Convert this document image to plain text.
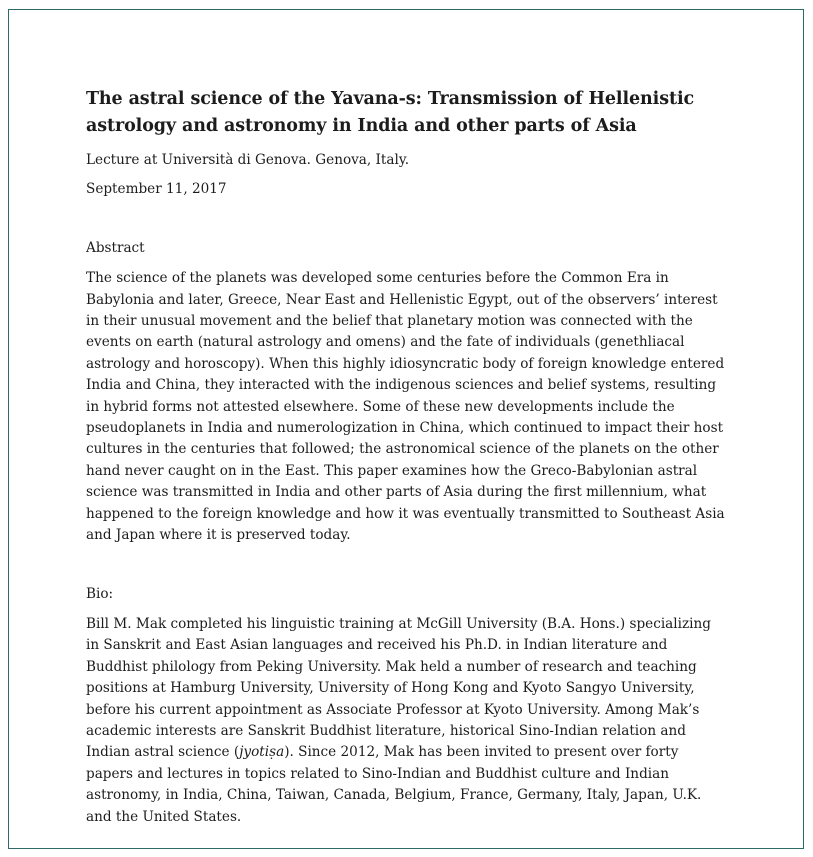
The astral science of the Yavana-s: Transmission of Hellenistic astrology and astronomy in India and other parts of Asia

Lecture at Università di Genova. Genova, Italy.

September 11, 2017

Abstract

The science of the planets was developed some centuries before the Common Era in Babylonia and later, Greece, Near East and Hellenistic Egypt, out of the observers’ interest in their unusual movement and the belief that planetary motion was connected with the events on earth (natural astrology and omens) and the fate of individuals (genethliacal astrology and horoscopy). When this highly idiosyncratic body of foreign knowledge entered India and China, they interacted with the indigenous sciences and belief systems, resulting in hybrid forms not attested elsewhere. Some of these new developments include the pseudoplanets in India and numerologization in China, which continued to impact their host cultures in the centuries that followed; the astronomical science of the planets on the other hand never caught on in the East. This paper examines how the Greco-Babylonian astral science was transmitted in India and other parts of Asia during the first millennium, what happened to the foreign knowledge and how it was eventually transmitted to Southeast Asia and Japan where it is preserved today.

Bio:

Bill M. Mak completed his linguistic training at McGill University (B.A. Hons.) specializing in Sanskrit and East Asian languages and received his Ph.D. in Indian literature and Buddhist philology from Peking University. Mak held a number of research and teaching positions at Hamburg University, University of Hong Kong and Kyoto Sangyo University, before his current appointment as Associate Professor at Kyoto University. Among Mak’s academic interests are Sanskrit Buddhist literature, historical Sino-Indian relation and Indian astral science (jyotiṣa). Since 2012, Mak has been invited to present over forty papers and lectures in topics related to Sino-Indian and Buddhist culture and Indian astronomy, in India, China, Taiwan, Canada, Belgium, France, Germany, Italy, Japan, U.K. and the United States.
